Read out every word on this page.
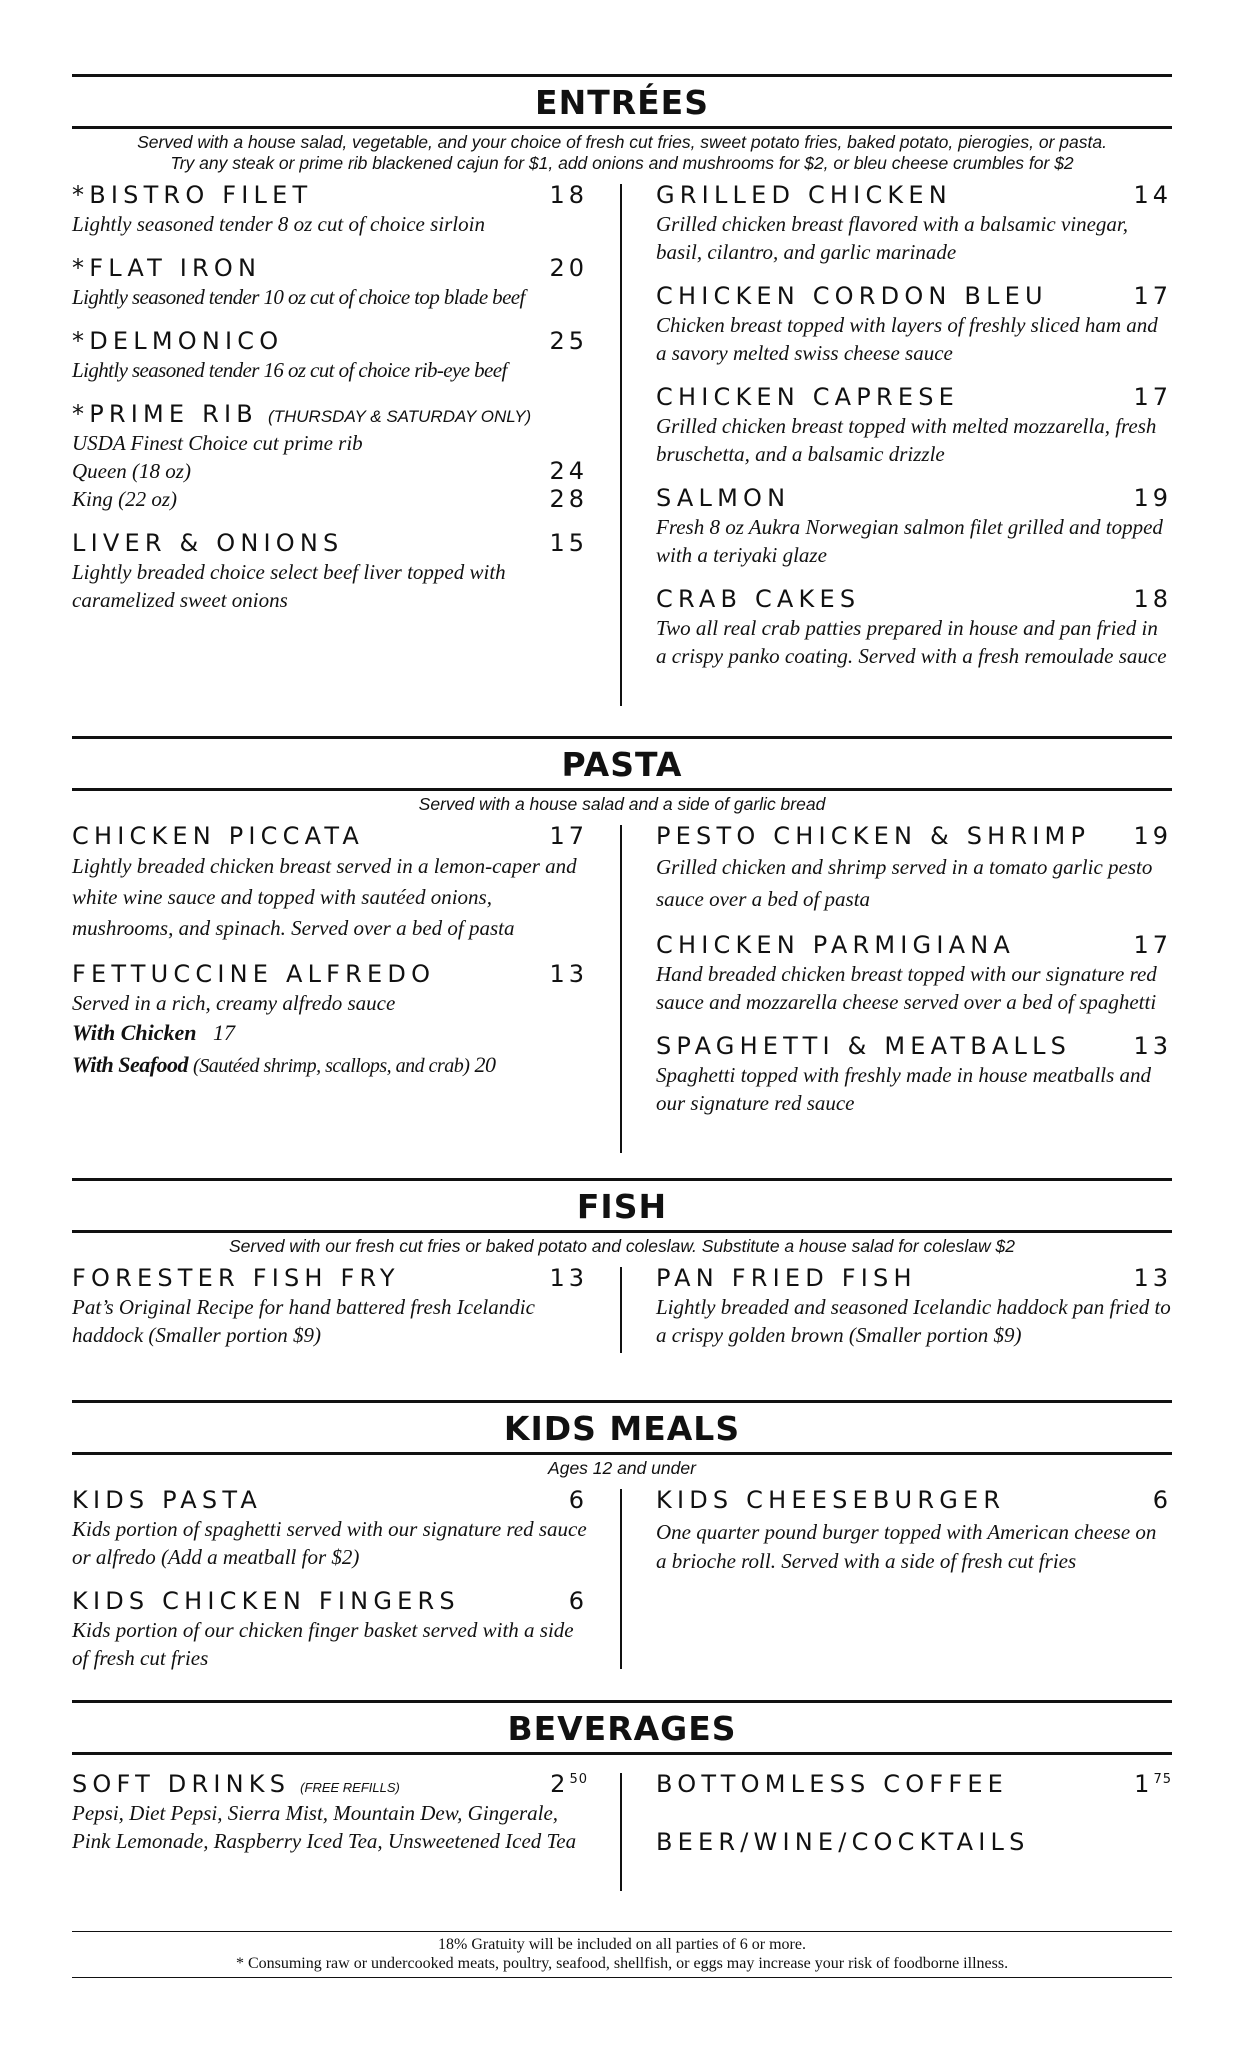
ENTRÉES
Served with a house salad, vegetable, and your choice of fresh cut fries, sweet potato fries, baked potato, pierogies, or pasta.
Try any steak or prime rib blackened cajun for $1, add onions and mushrooms for $2, or bleu cheese crumbles for $2
*BISTRO FILET	18
Lightly seasoned tender 8 oz cut of choice sirloin
*FLAT IRON	20
Lightly seasoned tender 10 oz cut of choice top blade beef
*DELMONICO	25
Lightly seasoned tender 16 oz cut of choice rib-eye beef
*PRIME RIB (THURSDAY & SATURDAY ONLY)
USDA Finest Choice cut prime rib
Queen (18 oz)	24
King (22 oz)	28
LIVER & ONIONS	15
Lightly breaded choice select beef liver topped with caramelized sweet onions
GRILLED CHICKEN	14
Grilled chicken breast flavored with a balsamic vinegar, basil, cilantro, and garlic marinade
CHICKEN CORDON BLEU	17
Chicken breast topped with layers of freshly sliced ham and a savory melted swiss cheese sauce
CHICKEN CAPRESE	17
Grilled chicken breast topped with melted mozzarella, fresh bruschetta, and a balsamic drizzle
SALMON	19
Fresh 8 oz Aukra Norwegian salmon filet grilled and topped with a teriyaki glaze
CRAB CAKES	18
Two all real crab patties prepared in house and pan fried in a crispy panko coating. Served with a fresh remoulade sauce
PASTA
Served with a house salad and a side of garlic bread
CHICKEN PICCATA	17
Lightly breaded chicken breast served in a lemon-caper and white wine sauce and topped with sautéed onions, mushrooms, and spinach. Served over a bed of pasta
FETTUCCINE ALFREDO	13
Served in a rich, creamy alfredo sauce
With Chicken 17
With Seafood (Sautéed shrimp, scallops, and crab) 20
PESTO CHICKEN & SHRIMP 19
Grilled chicken and shrimp served in a tomato garlic pesto sauce over a bed of pasta
CHICKEN PARMIGIANA	17
Hand breaded chicken breast topped with our signature red sauce and mozzarella cheese served over a bed of spaghetti
SPAGHETTI & MEATBALLS	13
Spaghetti topped with freshly made in house meatballs and our signature red sauce
FISH
Served with our fresh cut fries or baked potato and coleslaw. Substitute a house salad for coleslaw $2
FORESTER FISH FRY	13
Pat’s Original Recipe for hand battered fresh Icelandic haddock (Smaller portion $9)
PAN FRIED FISH	13
Lightly breaded and seasoned Icelandic haddock pan fried to a crispy golden brown (Smaller portion $9)
KIDS MEALS
Ages 12 and under
KIDS PASTA	6
Kids portion of spaghetti served with our signature red sauce or alfredo (Add a meatball for $2)
KIDS CHICKEN FINGERS	6
Kids portion of our chicken finger basket served with a side of fresh cut fries
KIDS CHEESEBURGER	6
One quarter pound burger topped with American cheese on a brioche roll. Served with a side of fresh cut fries
BEVERAGES
SOFT DRINKS (FREE REFILLS)	$2^{50}$
Pepsi, Diet Pepsi, Sierra Mist, Mountain Dew, Gingerale, Pink Lemonade, Raspberry Iced Tea, Unsweetened Iced Tea
BOTTOMLESS COFFEE	$1^{75}$
BEER/WINE/COCKTAILS
18% Gratuity will be included on all parties of 6 or more.
* Consuming raw or undercooked meats, poultry, seafood, shellfish, or eggs may increase your risk of foodborne illness.
